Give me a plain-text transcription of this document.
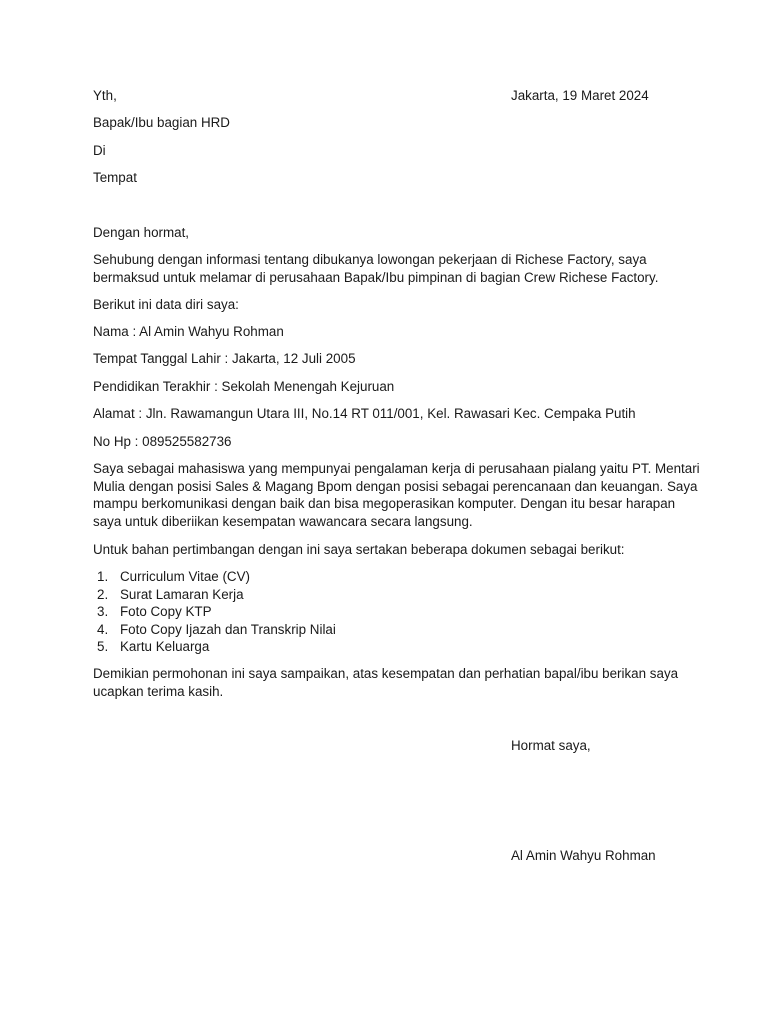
Yth,	Jakarta, 19 Maret 2024
Bapak/Ibu bagian HRD
Di
Tempat
Dengan hormat,
Sehubung dengan informasi tentang dibukanya lowongan pekerjaan di Richese Factory, saya
bermaksud untuk melamar di perusahaan Bapak/Ibu pimpinan di bagian Crew Richese Factory.
Berikut ini data diri saya:
Nama : Al Amin Wahyu Rohman
Tempat Tanggal Lahir : Jakarta, 12 Juli 2005
Pendidikan Terakhir : Sekolah Menengah Kejuruan
Alamat : Jln. Rawamangun Utara III, No.14 RT 011/001, Kel. Rawasari Kec. Cempaka Putih
No Hp : 089525582736
Saya sebagai mahasiswa yang mempunyai pengalaman kerja di perusahaan pialang yaitu PT. Mentari
Mulia dengan posisi Sales & Magang Bpom dengan posisi sebagai perencanaan dan keuangan. Saya
mampu berkomunikasi dengan baik dan bisa megoperasikan komputer. Dengan itu besar harapan
saya untuk diberiikan kesempatan wawancara secara langsung.
Untuk bahan pertimbangan dengan ini saya sertakan beberapa dokumen sebagai berikut:
1. Curriculum Vitae (CV)
2. Surat Lamaran Kerja
3. Foto Copy KTP
4. Foto Copy Ijazah dan Transkrip Nilai
5. Kartu Keluarga
Demikian permohonan ini saya sampaikan, atas kesempatan dan perhatian bapal/ibu berikan saya
ucapkan terima kasih.
Hormat saya,
Al Amin Wahyu Rohman
